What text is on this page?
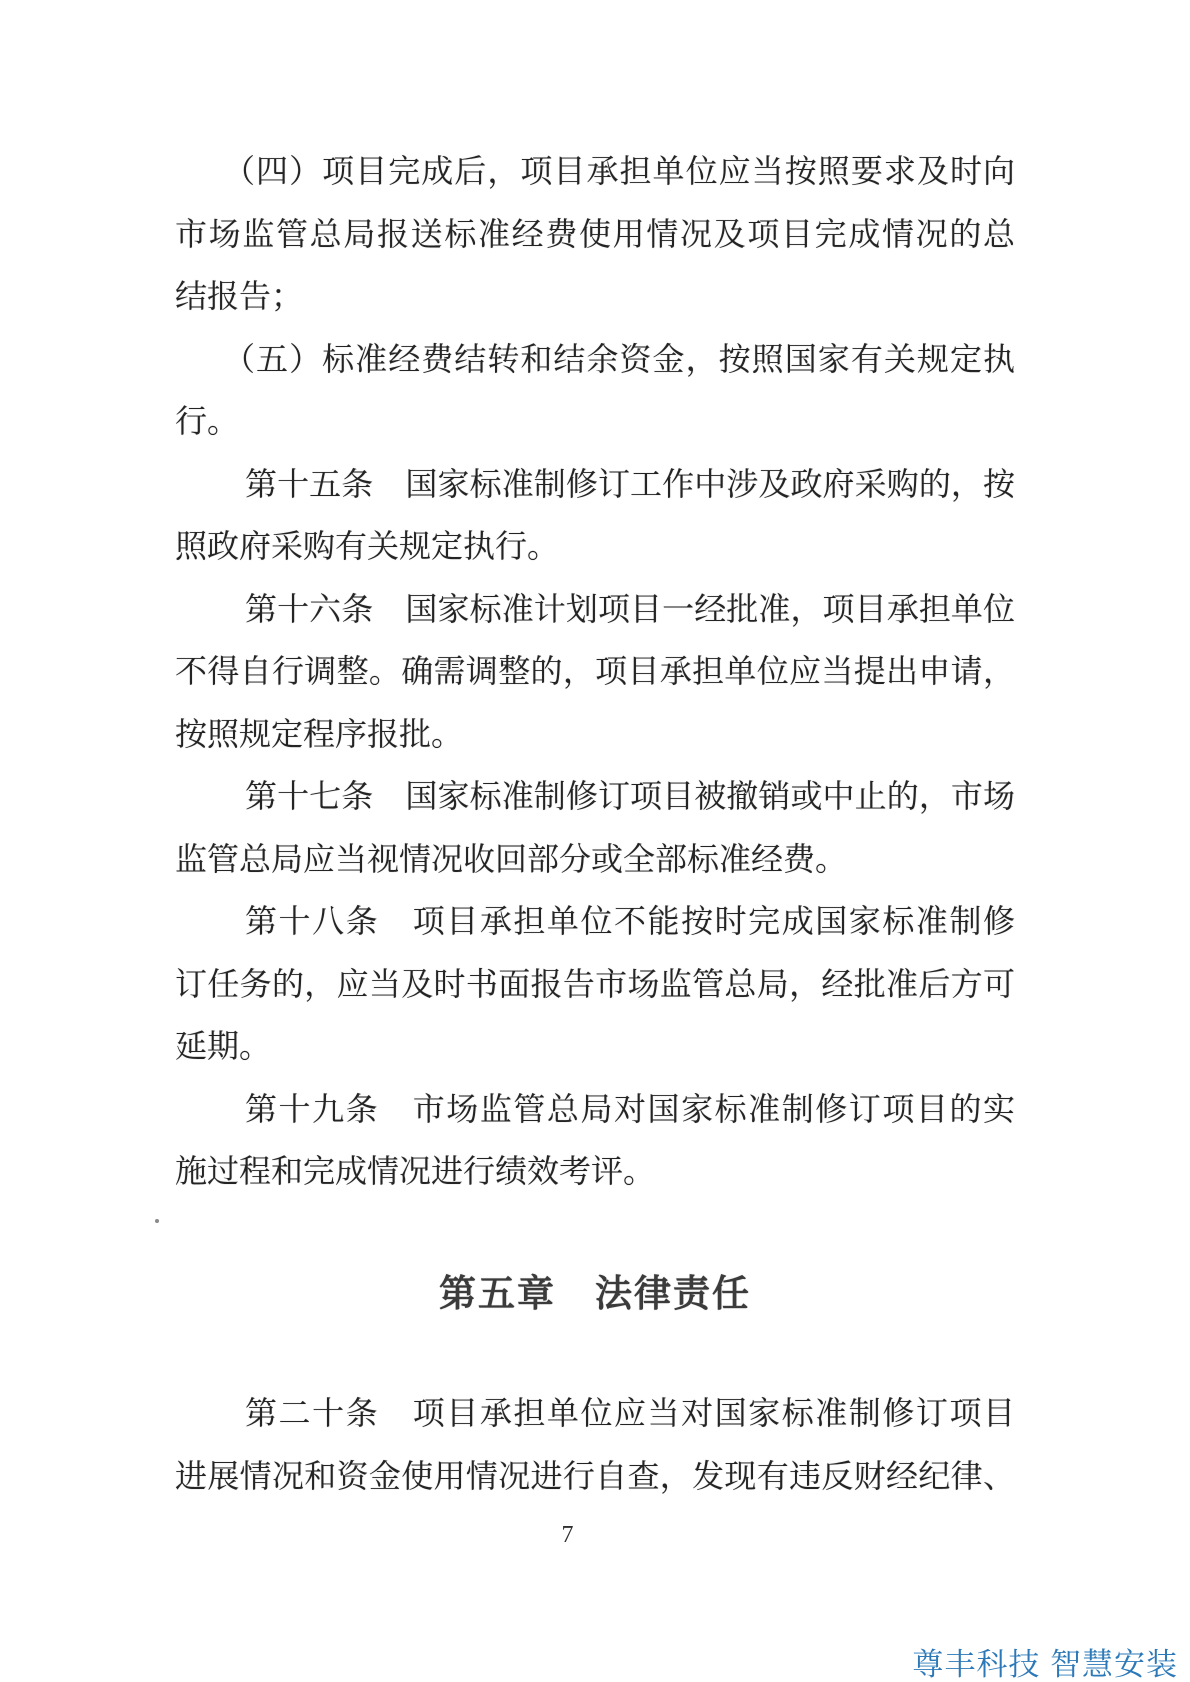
（四）项目完成后，项目承担单位应当按照要求及时向
市场监管总局报送标准经费使用情况及项目完成情况的总
结报告；
（五）标准经费结转和结余资金，按照国家有关规定执
行。
第十五条　国家标准制修订工作中涉及政府采购的，按
照政府采购有关规定执行。
第十六条　国家标准计划项目一经批准，项目承担单位
不得自行调整。确需调整的，项目承担单位应当提出申请，
按照规定程序报批。
第十七条　国家标准制修订项目被撤销或中止的，市场
监管总局应当视情况收回部分或全部标准经费。
第十八条　项目承担单位不能按时完成国家标准制修
订任务的，应当及时书面报告市场监管总局，经批准后方可
延期。
第十九条　市场监管总局对国家标准制修订项目的实
施过程和完成情况进行绩效考评。
第五章　法律责任
第二十条　项目承担单位应当对国家标准制修订项目
进展情况和资金使用情况进行自查，发现有违反财经纪律、
7
尊丰科技 智慧安装
